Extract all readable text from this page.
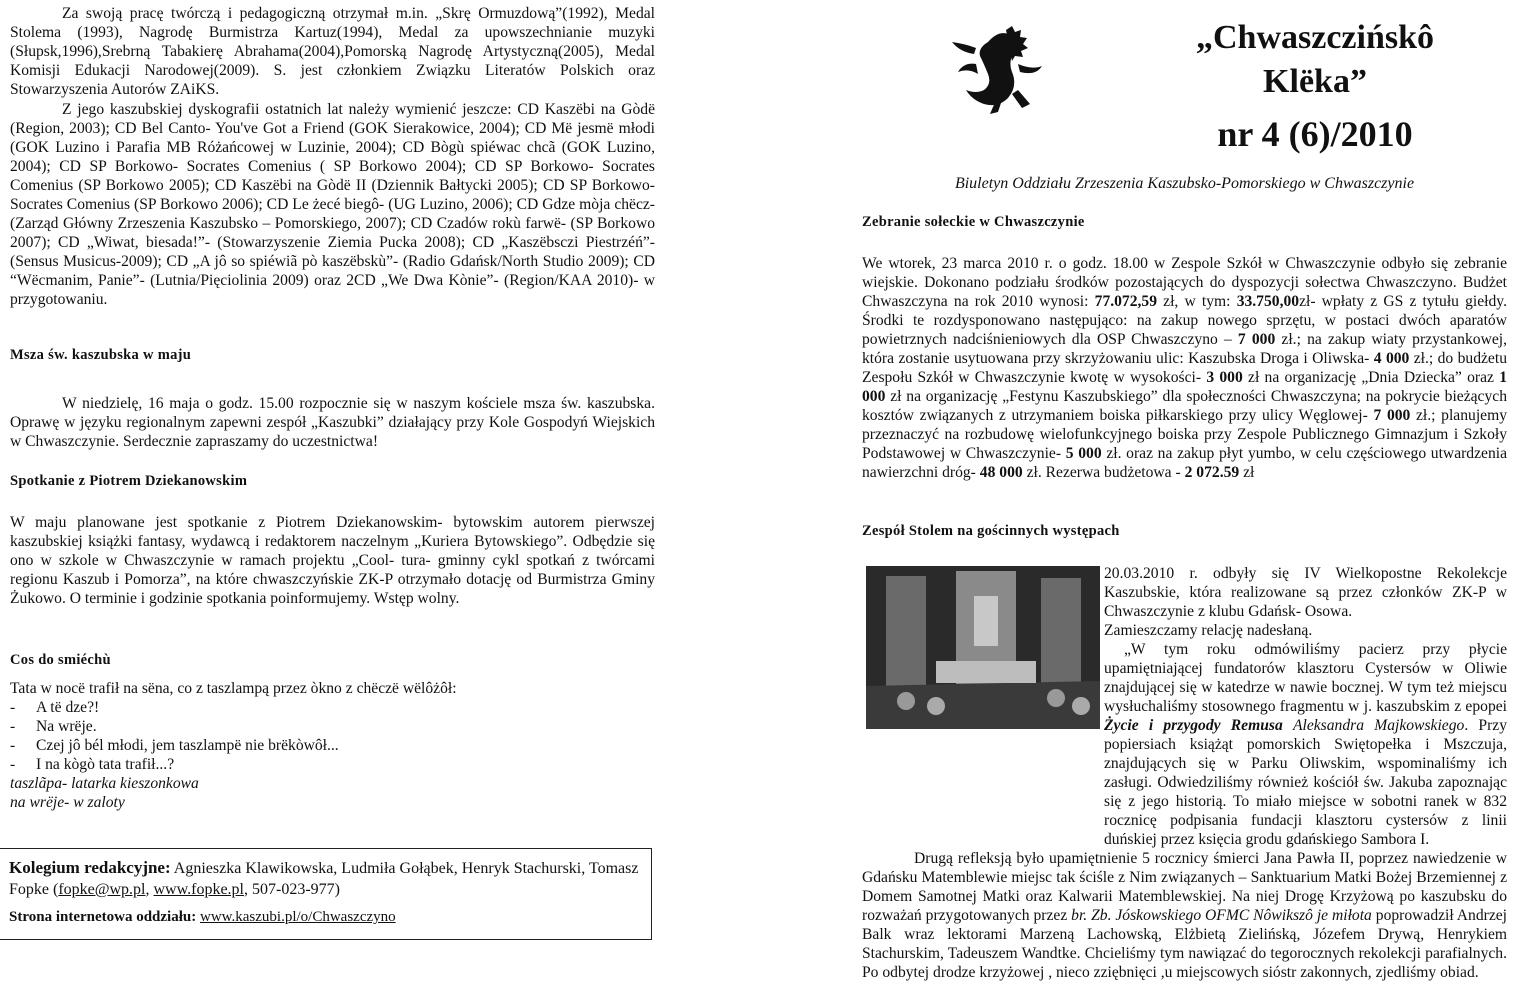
Za swoją pracę twórczą i pedagogiczną otrzymał m.in. „Skrę Ormuzdową”(1992), Medal Stolema (1993), Nagrodę Burmistrza Kartuz(1994), Medal za upowszechnianie muzyki (Słupsk,1996),Srebrną Tabakierę Abrahama(2004),Pomorską Nagrodę Artystyczną(2005), Medal Komisji Edukacji Narodowej(2009). S. jest członkiem Związku Literatów Polskich oraz Stowarzyszenia Autorów ZAiKS.

Z jego kaszubskiej dyskografii ostatnich lat należy wymienić jeszcze: CD Kaszëbi na Gòdë (Region, 2003); CD Bel Canto- You've Got a Friend (GOK Sierakowice, 2004); CD Më jesmë młodi (GOK Luzino i Parafia MB Różańcowej w Luzinie, 2004); CD Bògù spiéwac chcã (GOK Luzino, 2004); CD SP Borkowo- Socrates Comenius ( SP Borkowo 2004); CD SP Borkowo- Socrates Comenius (SP Borkowo 2005); CD Kaszëbi na Gòdë II (Dziennik Bałtycki 2005); CD SP Borkowo- Socrates Comenius (SP Borkowo 2006); CD Le żecé biegô- (UG Luzino, 2006); CD Gdze mòja chëcz- (Zarząd Główny Zrzeszenia Kaszubsko – Pomorskiego, 2007); CD Czadów rokù farwë- (SP Borkowo 2007); CD „Wiwat, biesada!”- (Stowarzyszenie Ziemia Pucka 2008); CD „Kaszëbsczi Piestrzéń”- (Sensus Musicus-2009); CD „A jô so spiéwiã pò kaszëbskù”- (Radio Gdańsk/North Studio 2009); CD “Wëcmanim, Panie”- (Lutnia/Pięciolinia 2009) oraz 2CD „We Dwa Kònie”- (Region/KAA 2010)- w przygotowaniu.

Msza św. kaszubska w maju

W niedzielę, 16 maja o godz. 15.00 rozpocznie się w naszym kościele msza św. kaszubska. Oprawę w języku regionalnym zapewni zespół „Kaszubki” działający przy Kole Gospodyń Wiejskich w Chwaszczynie. Serdecznie zapraszamy do uczestnictwa!

Spotkanie z Piotrem Dziekanowskim

W maju planowane jest spotkanie z Piotrem Dziekanowskim- bytowskim autorem pierwszej kaszubskiej książki fantasy, wydawcą i redaktorem naczelnym „Kuriera Bytowskiego”. Odbędzie się ono w szkole w Chwaszczynie w ramach projektu „Cool- tura- gminny cykl spotkań z twórcami regionu Kaszub i Pomorza”, na które chwaszczyńskie ZK-P otrzymało dotację od Burmistrza Gminy Żukowo. O terminie i godzinie spotkania poinformujemy. Wstęp wolny.

Cos do smiéchù

Tata w nocë trafił na sëna, co z taszlampą przez òkno z chëczë wëlôżôł:

- A të dze?!
- Na wrëje.
- Czej jô bél młodi, jem taszlampë nie brëkòwôł...
- I na kògò tata trafił...?

taszlãpa- latarka kieszonkowa

na wrëje- w zaloty

Kolegium redakcyjne: Agnieszka Klawikowska, Ludmiła Gołąbek, Henryk Stachurski, Tomasz Fopke (fopke@wp.pl, www.fopke.pl, 507-023-977)
Strona internetowa oddziału: www.kaszubi.pl/o/Chwaszczyno
„Chwaszczińskô
Klëka”
nr 4 (6)/2010
Biuletyn Oddziału Zrzeszenia Kaszubsko-Pomorskiego w Chwaszczynie
Zebranie sołeckie w Chwaszczynie

We wtorek, 23 marca 2010 r. o godz. 18.00 w Zespole Szkół w Chwaszczynie odbyło się zebranie wiejskie. Dokonano podziału środków pozostających do dyspozycji sołectwa Chwaszczyno. Budżet Chwaszczyna na rok 2010 wynosi: 77.072,59 zł, w tym: 33.750,00zł- wpłaty z GS z tytułu giełdy. Środki te rozdysponowano następująco: na zakup nowego sprzętu, w postaci dwóch aparatów powietrznych nadciśnieniowych dla OSP Chwaszczyno – 7 000 zł.; na zakup wiaty przystankowej, która zostanie usytuowana przy skrzyżowaniu ulic: Kaszubska Droga i Oliwska- 4 000 zł.; do budżetu Zespołu Szkół w Chwaszczynie kwotę w wysokości- 3 000 zł na organizację „Dnia Dziecka” oraz 1 000 zł na organizację „Festynu Kaszubskiego” dla społeczności Chwaszczyna; na pokrycie bieżących kosztów związanych z utrzymaniem boiska piłkarskiego przy ulicy Węglowej- 7 000 zł.; planujemy przeznaczyć na rozbudowę wielofunkcyjnego boiska przy Zespole Publicznego Gimnazjum i Szkoły Podstawowej w Chwaszczynie- 5 000 zł. oraz na zakup płyt yumbo, w celu częściowego utwardzenia nawierzchni dróg- 48 000 zł. Rezerwa budżetowa - 2 072.59 zł

Zespół Stolem na gościnnych występach

20.03.2010 r. odbyły się IV Wielkopostne Rekolekcje Kaszubskie, która realizowane są przez członków ZK-P w Chwaszczynie z klubu Gdańsk- Osowa.

Zamieszczamy relację nadesłaną.

„W tym roku odmówiliśmy pacierz przy płycie upamiętniającej fundatorów klasztoru Cystersów w Oliwie znajdującej się w katedrze w nawie bocznej. W tym też miejscu wysłuchaliśmy stosownego fragmentu w j. kaszubskim z epopei Życie i przygody Remusa Aleksandra Majkowskiego. Przy popiersiach książąt pomorskich Swiętopełka i Mszczuja, znajdujących się w Parku Oliwskim, wspominaliśmy ich zasługi. Odwiedziliśmy również kościół św. Jakuba zapoznając się z jego historią. To miało miejsce w sobotni ranek w 832 rocznicę podpisania fundacji klasztoru cystersów z linii duńskiej przez księcia grodu gdańskiego Sambora I.

Drugą refleksją było upamiętnienie 5 rocznicy śmierci Jana Pawła II, poprzez nawiedzenie w Gdańsku Matemblewie miejsc tak ściśle z Nim związanych – Sanktuarium Matki Bożej Brzemiennej z Domem Samotnej Matki oraz Kalwarii Matemblewskiej. Na niej Drogę Krzyżową po kaszubsku do rozważań przygotowanych przez br. Zb. Jóskowskiego OFMC Nôwikszô je miłota poprowadził Andrzej Balk wraz lektorami Marzeną Lachowską, Elżbietą Zielińską, Józefem Drywą, Henrykiem Stachurskim, Tadeuszem Wandtke. Chcieliśmy tym nawiązać do tegorocznych rekolekcji parafialnych. Po odbytej drodze krzyżowej , nieco zziębnięci ,u miejscowych sióstr zakonnych, zjedliśmy obiad.
